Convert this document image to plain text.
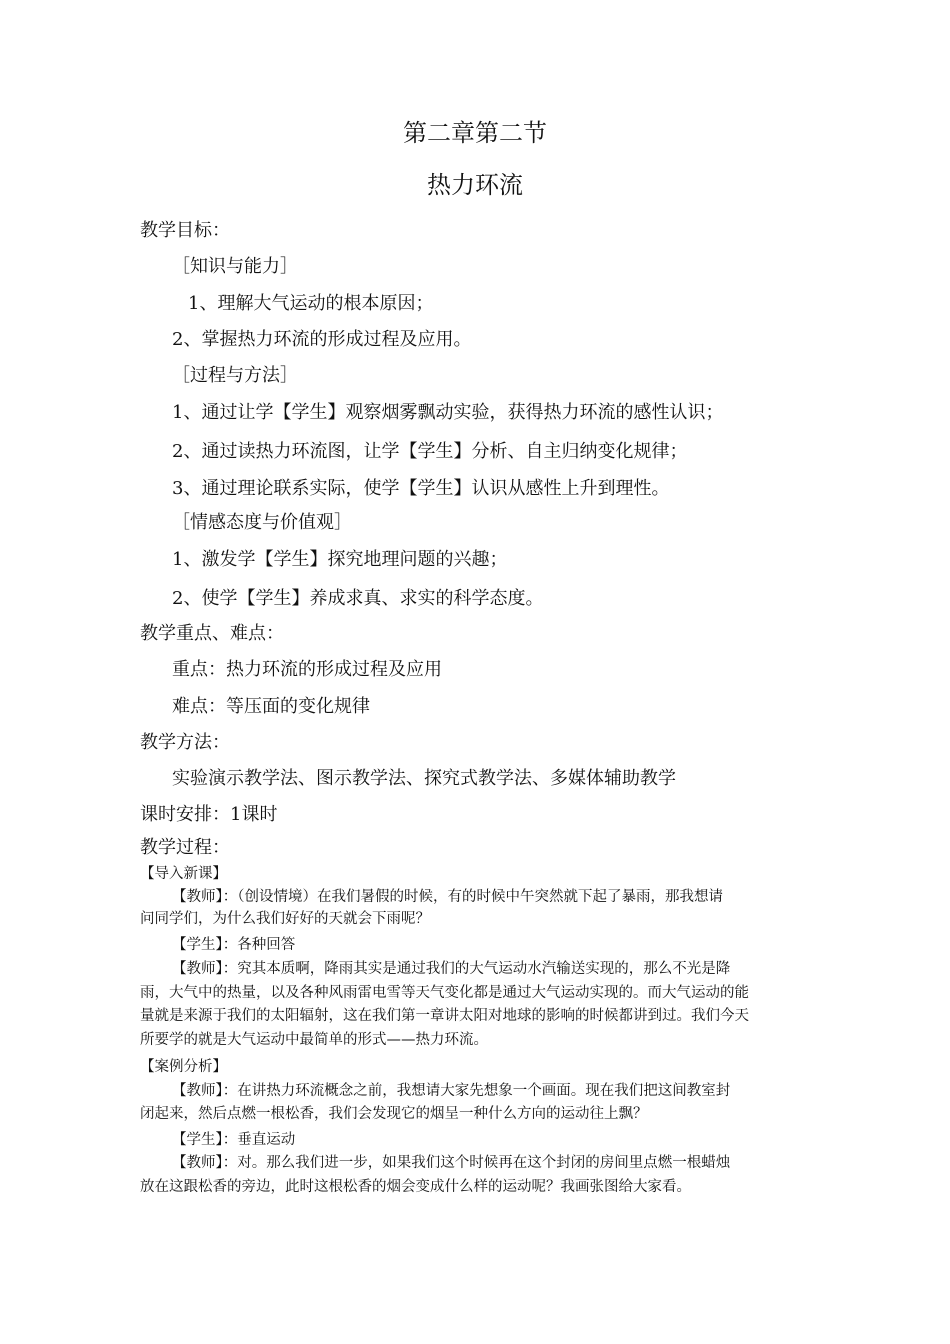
第二章第二节
热力环流
教学目标：
［知识与能力］
1、理解大气运动的根本原因；
2、掌握热力环流的形成过程及应用。
［过程与方法］
1、通过让学【学生】观察烟雾飘动实验，获得热力环流的感性认识；
2、通过读热力环流图，让学【学生】分析、自主归纳变化规律；
3、通过理论联系实际，使学【学生】认识从感性上升到理性。
［情感态度与价值观］
1、激发学【学生】探究地理问题的兴趣；
2、使学【学生】养成求真、求实的科学态度。
教学重点、难点：
重点：热力环流的形成过程及应用
难点：等压面的变化规律
教学方法：
实验演示教学法、图示教学法、探究式教学法、多媒体辅助教学
课时安排：1课时
教学过程：
【导入新课】
【教师】：（创设情境）在我们暑假的时候，有的时候中午突然就下起了暴雨，那我想请
问同学们，为什么我们好好的天就会下雨呢？
【学生】：各种回答
【教师】：究其本质啊，降雨其实是通过我们的大气运动水汽输送实现的，那么不光是降
雨，大气中的热量，以及各种风雨雷电雪等天气变化都是通过大气运动实现的。而大气运动的能
量就是来源于我们的太阳辐射，这在我们第一章讲太阳对地球的影响的时候都讲到过。我们今天
所要学的就是大气运动中最简单的形式——热力环流。
【案例分析】
【教师】：在讲热力环流概念之前，我想请大家先想象一个画面。现在我们把这间教室封
闭起来，然后点燃一根松香，我们会发现它的烟呈一种什么方向的运动往上飘？
【学生】：垂直运动
【教师】：对。那么我们进一步，如果我们这个时候再在这个封闭的房间里点燃一根蜡烛
放在这跟松香的旁边，此时这根松香的烟会变成什么样的运动呢？我画张图给大家看。
